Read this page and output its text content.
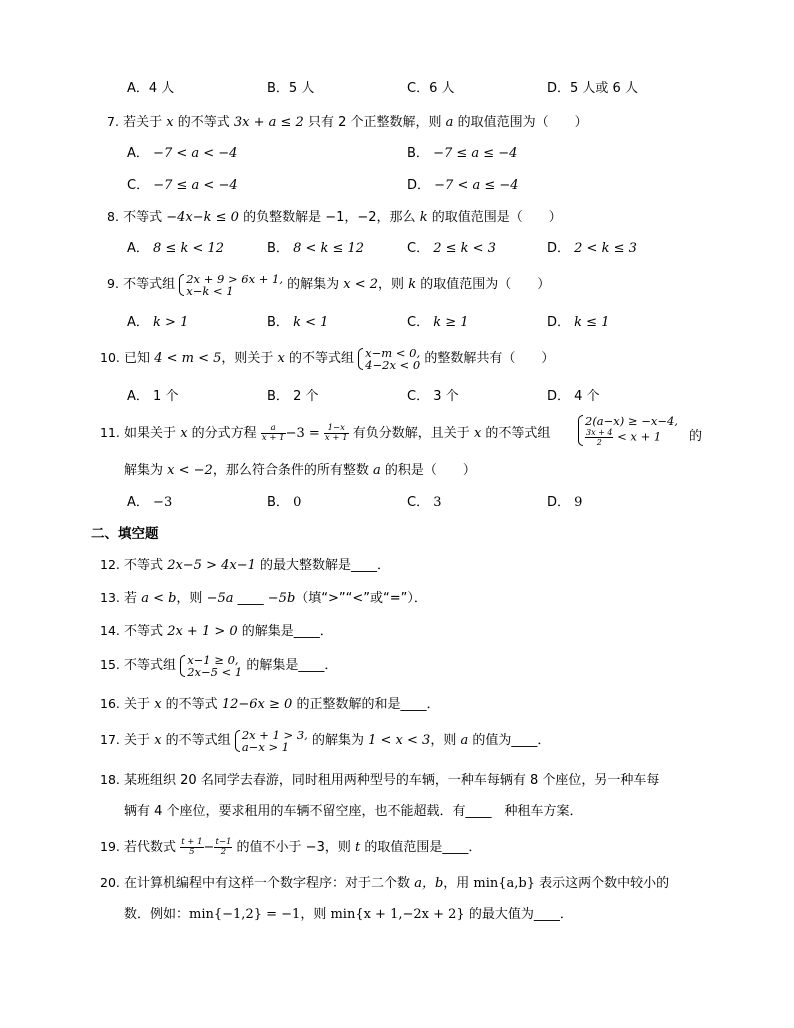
A．4 人	B．5 人	C．6 人	D．5 人或 6 人
7. 若关于 x 的不等式 3x + a ≤ 2 只有 2 个正整数解，则 a 的取值范围为（　　）
A． −7 < a < −4	B． −7 ≤ a ≤ −4
C． −7 ≤ a < −4	D． −7 < a ≤ −4
8. 不等式 −4x−k ≤ 0 的负整数解是 −1，−2，那么 k 的取值范围是（　　）
A． 8 ≤ k < 12	B． 8 < k ≤ 12	C． 2 ≤ k < 3	D． 2 < k ≤ 3
9. 不等式组 2x + 9 > 6x + 1,
x−k < 1	的解集为 x < 2，则 k 的取值范围为（　　）
A． k > 1	B． k < 1	C． k ≥ 1	D． k ≤ 1
10. 已知 4 < m < 5，则关于 x 的不等式组 x−m < 0,
4−2x < 0 的整数解共有（　　）
A． 1 个	B． 2 个	C． 3 个	D． 4 个
11. 如果关于 x 的分式方程 $\frac{a}{x + 1} -3 = \frac{1-x}{x + 1}$ 有负分数解，且关于 x 的不等式组
2(a−x) ≥ −x−4,
$\frac{3x + 4}{2} < x + 1$	的
解集为 x < −2，那么符合条件的所有整数 a 的积是（　　）
A． −3	B． 0	C． 3	D． 9
二、填空题
12. 不等式 2x−5 > 4x−1 的最大整数解是____．
13. 若 a < b，则 −5a ____ −5b（填“>”“<”或“=”）．
14. 不等式 2x + 1 > 0 的解集是____．
15. 不等式组 x−1 ≥ 0,
2x−5 < 1 的解集是____．
16. 关于 x 的不等式 12−6x ≥ 0 的正整数解的和是____．
17. 关于 x 的不等式组 2x + 1 > 3,
a−x > 1	的解集为 1 < x < 3，则 a 的值为____．
18. 某班组织 20 名同学去春游，同时租用两种型号的车辆，一种车每辆有 8 个座位，另一种车每
辆有 4 个座位，要求租用的车辆不留空座，也不能超载．有____　种租车方案．
19. 若代数式 $\frac{t + 1}{5} - \frac{t-1}{2}$ 的值不小于 −3，则 t 的取值范围是____．
20. 在计算机编程中有这样一个数字程序：对于二个数 a，b，用 min{a,b} 表示这两个数中较小的
数．例如：min{−1,2} = −1，则 min{x + 1,−2x + 2} 的最大值为____．
